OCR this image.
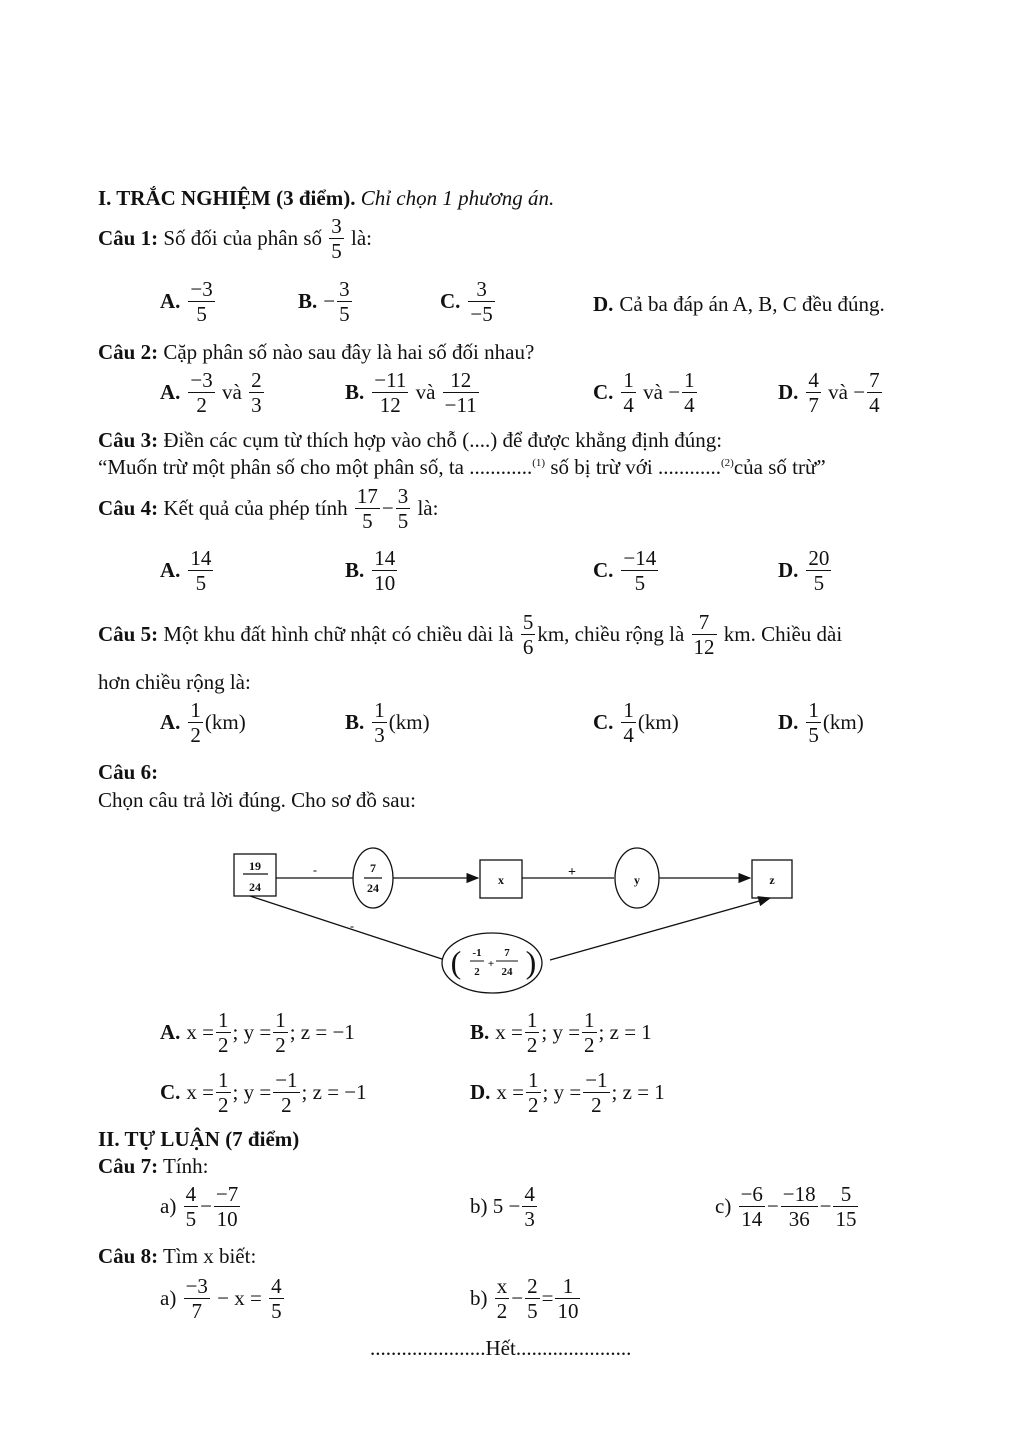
I. TRẮC NGHIỆM (3 điểm). Chỉ chọn 1 phương án.
Câu 1:
Số đối của phân số
$\frac{3}{5}$
là:
A. $\frac{-3}{5}$	B. − $\frac{3}{5}$	C. $\frac{3}{-5}$	D. Cả ba đáp án A, B, C đều đúng.
Câu 2: Cặp phân số nào sau đây là hai số đối nhau?
A. $\frac{-3}{2}$
và
$\frac{2}{3}$	B. $\frac{-11}{12}$
và
$\frac{12}{-11}$	C. $\frac{1}{4}$
và
− $\frac{1}{4}$	D. $\frac{4}{7}$
và
− $\frac{7}{4}$
Câu 3: Điền các cụm từ thích hợp vào chỗ (....) để được khẳng định đúng:
“Muốn trừ một phân số cho một phân số, ta ............$^{(1)}$ số bị trừ với ............$^{(2)}$của số trừ”
Câu 4:
Kết quả của phép tính
$\frac{17}{5} - \frac{3}{5}$
là:
A. $\frac{14}{5}$	B. $\frac{14}{10}$	C. $\frac{-14}{5}$	D. $\frac{20}{5}$
Câu 5:
Một khu đất hình chữ nhật có chiều dài là
$\frac{5}{6}$ km, chiều rộng là
$\frac{7}{12}$
km. Chiều dài
hơn chiều rộng là:
A. $\frac{1}{2} (km)$	B. $\frac{1}{3} (km)$	C. $\frac{1}{4} (km)$	D. $\frac{1}{5} (km)$
Câu 6:
Chọn câu trả lời đúng. Cho sơ đồ sau:
19
24
-	7
24
x	+	y	z
-
-1
2
+
7
24
( )
A. $x = \frac{1}{2}$ ; $y = \frac{1}{2}$ ; z =
−1	B. $x = \frac{1}{2}$ ; $y = \frac{1}{2}$ ; z =
1
C. $x = \frac{1}{2}$ ; $y = \frac{-1}{2}$ ; z =
−1	D. $x = \frac{1}{2}$ ; $y = \frac{-1}{2}$ ; z =
1
II. TỰ LUẬN (7 điểm)
Câu 7: Tính:
a)
$\frac{4}{5} - \frac{-7}{10}$	b)
$5 - \frac{4}{3}$	c)
$\frac{-6}{14} - \frac{-18}{36} - \frac{5}{15}$
Câu 8: Tìm x biết:
a)
$\frac{-3}{7}$
− x =
$\frac{4}{5}$	b)
$\frac{x}{2} - \frac{2}{5} = \frac{1}{10}$
......................Hết......................
